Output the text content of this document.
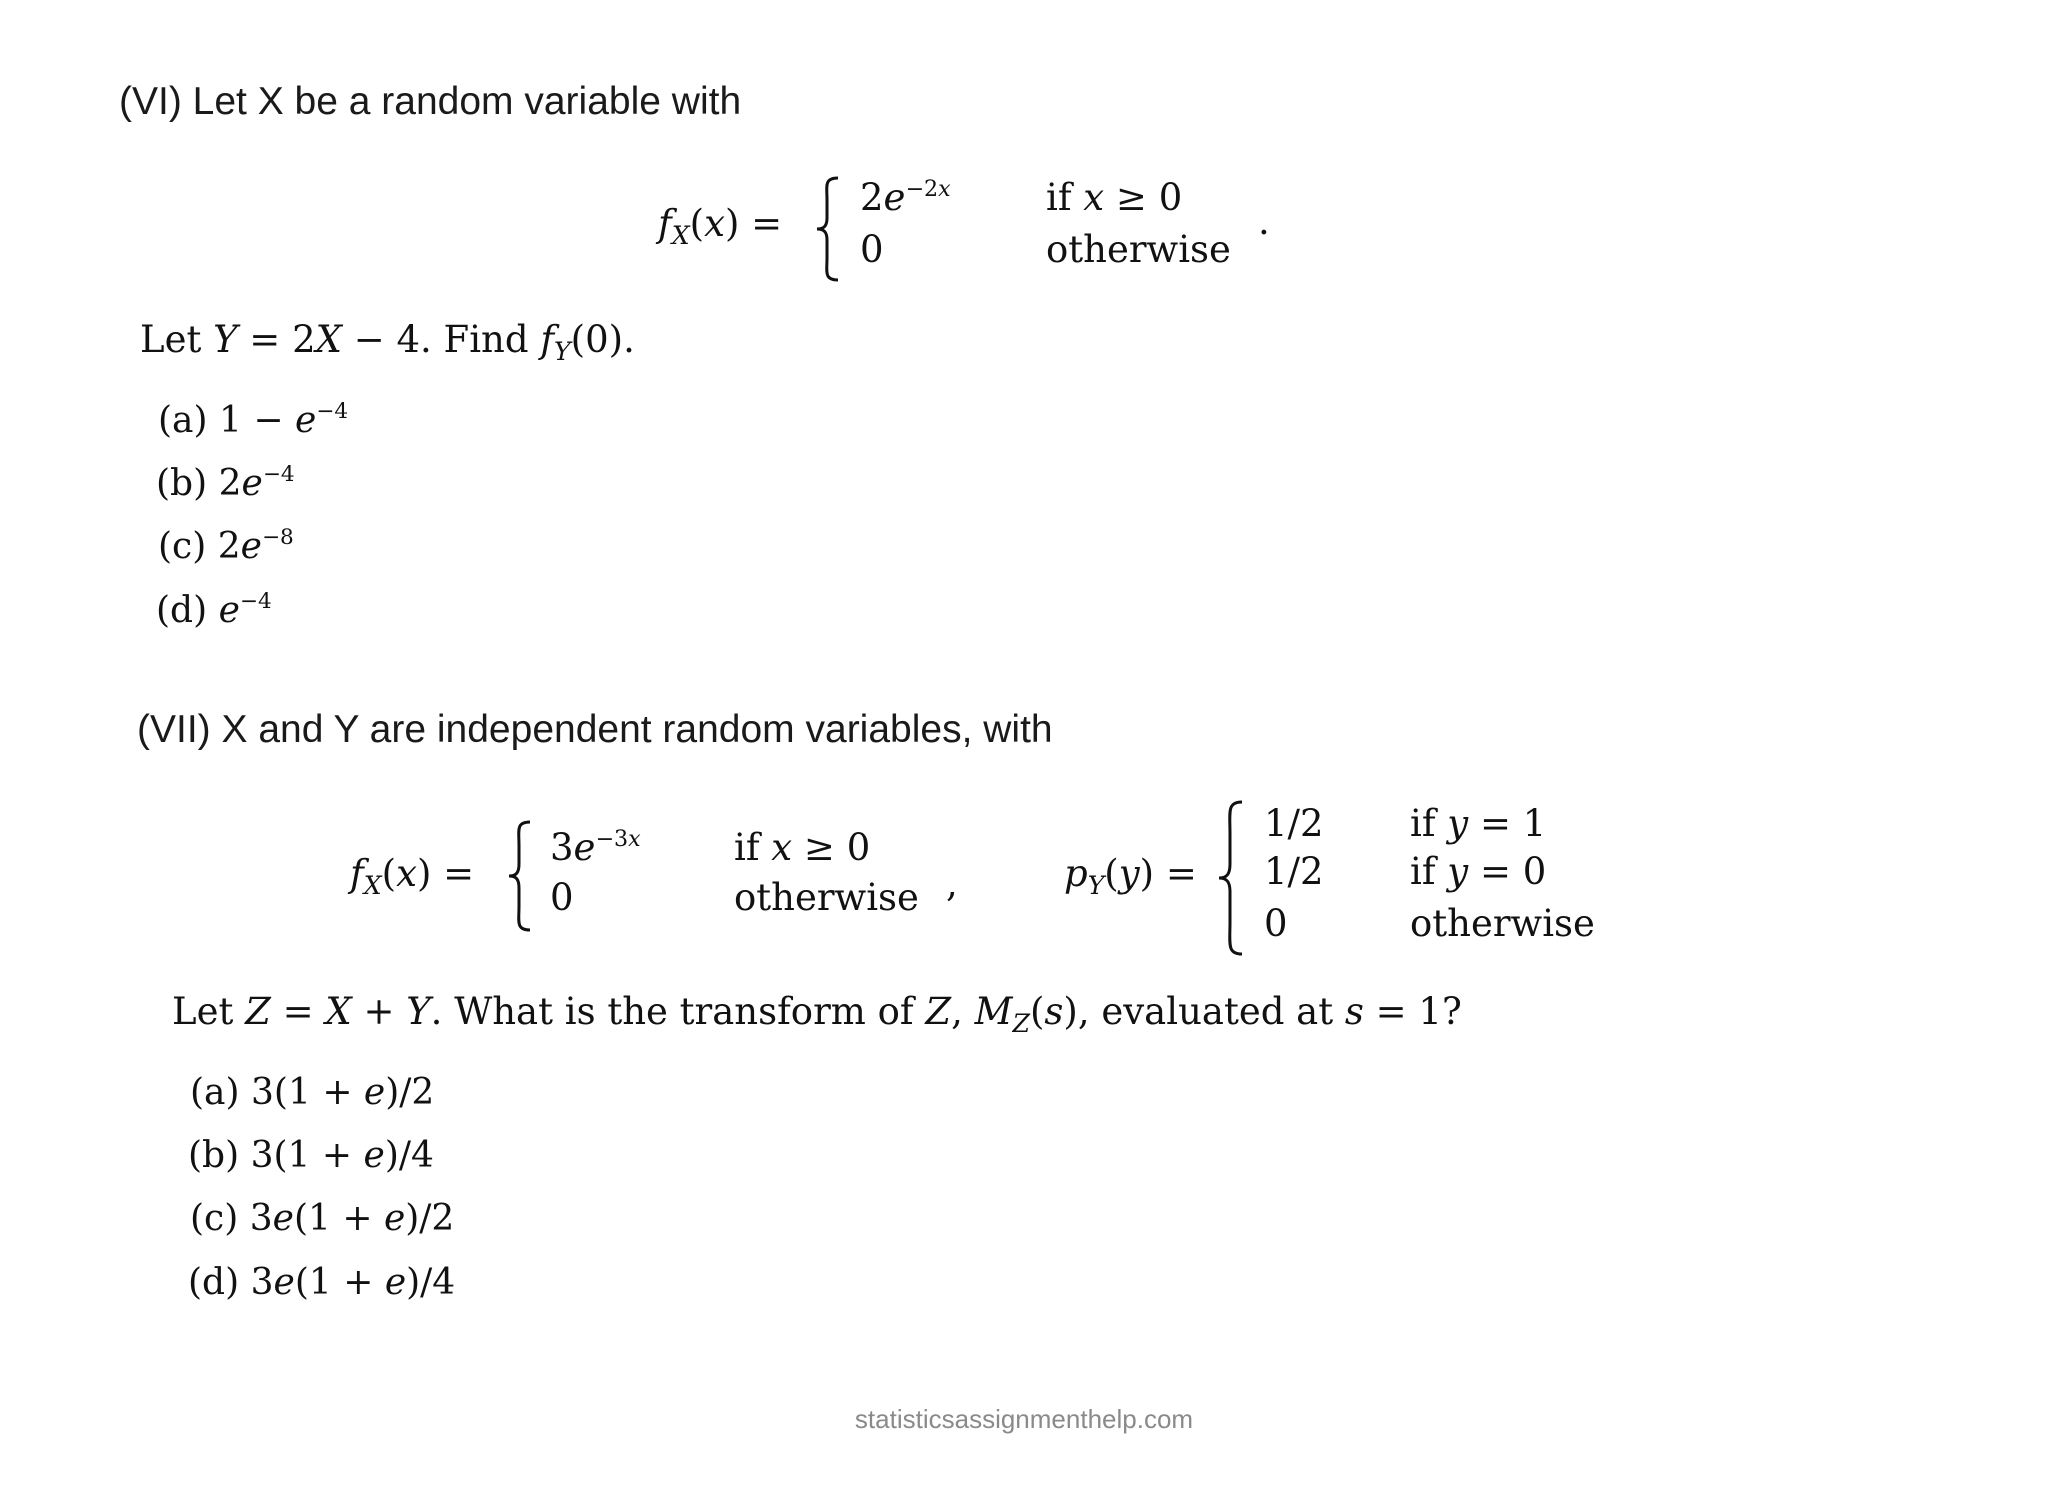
(VI) Let X be a random variable with
$f_X(x)$ =
$2e^{-2x}$	if x ≥ 0
0	otherwise
.
Let Y = 2X − 4. Find $f_Y(0)$.
(a) $1 - e^{-4}$
(b) $2e^{-4}$
(c) $2e^{-8}$
(d) $e^{-4}$
(VII) X and Y are independent random variables, with
$f_X(x)$ =
$3e^{-3x}$	if x ≥ 0
0	otherwise ,	$p_Y(y)$ =
1/2 if y = 1
1/2 if y = 0
0	otherwise
Let Z = X + Y. What is the transform of Z, $M_Z(s)$, evaluated at s = 1?
(a) 3(1 + e)/2
(b) 3(1 + e)/4
(c) 3e(1 + e)/2
(d) 3e(1 + e)/4
statisticsassignmenthelp.com
